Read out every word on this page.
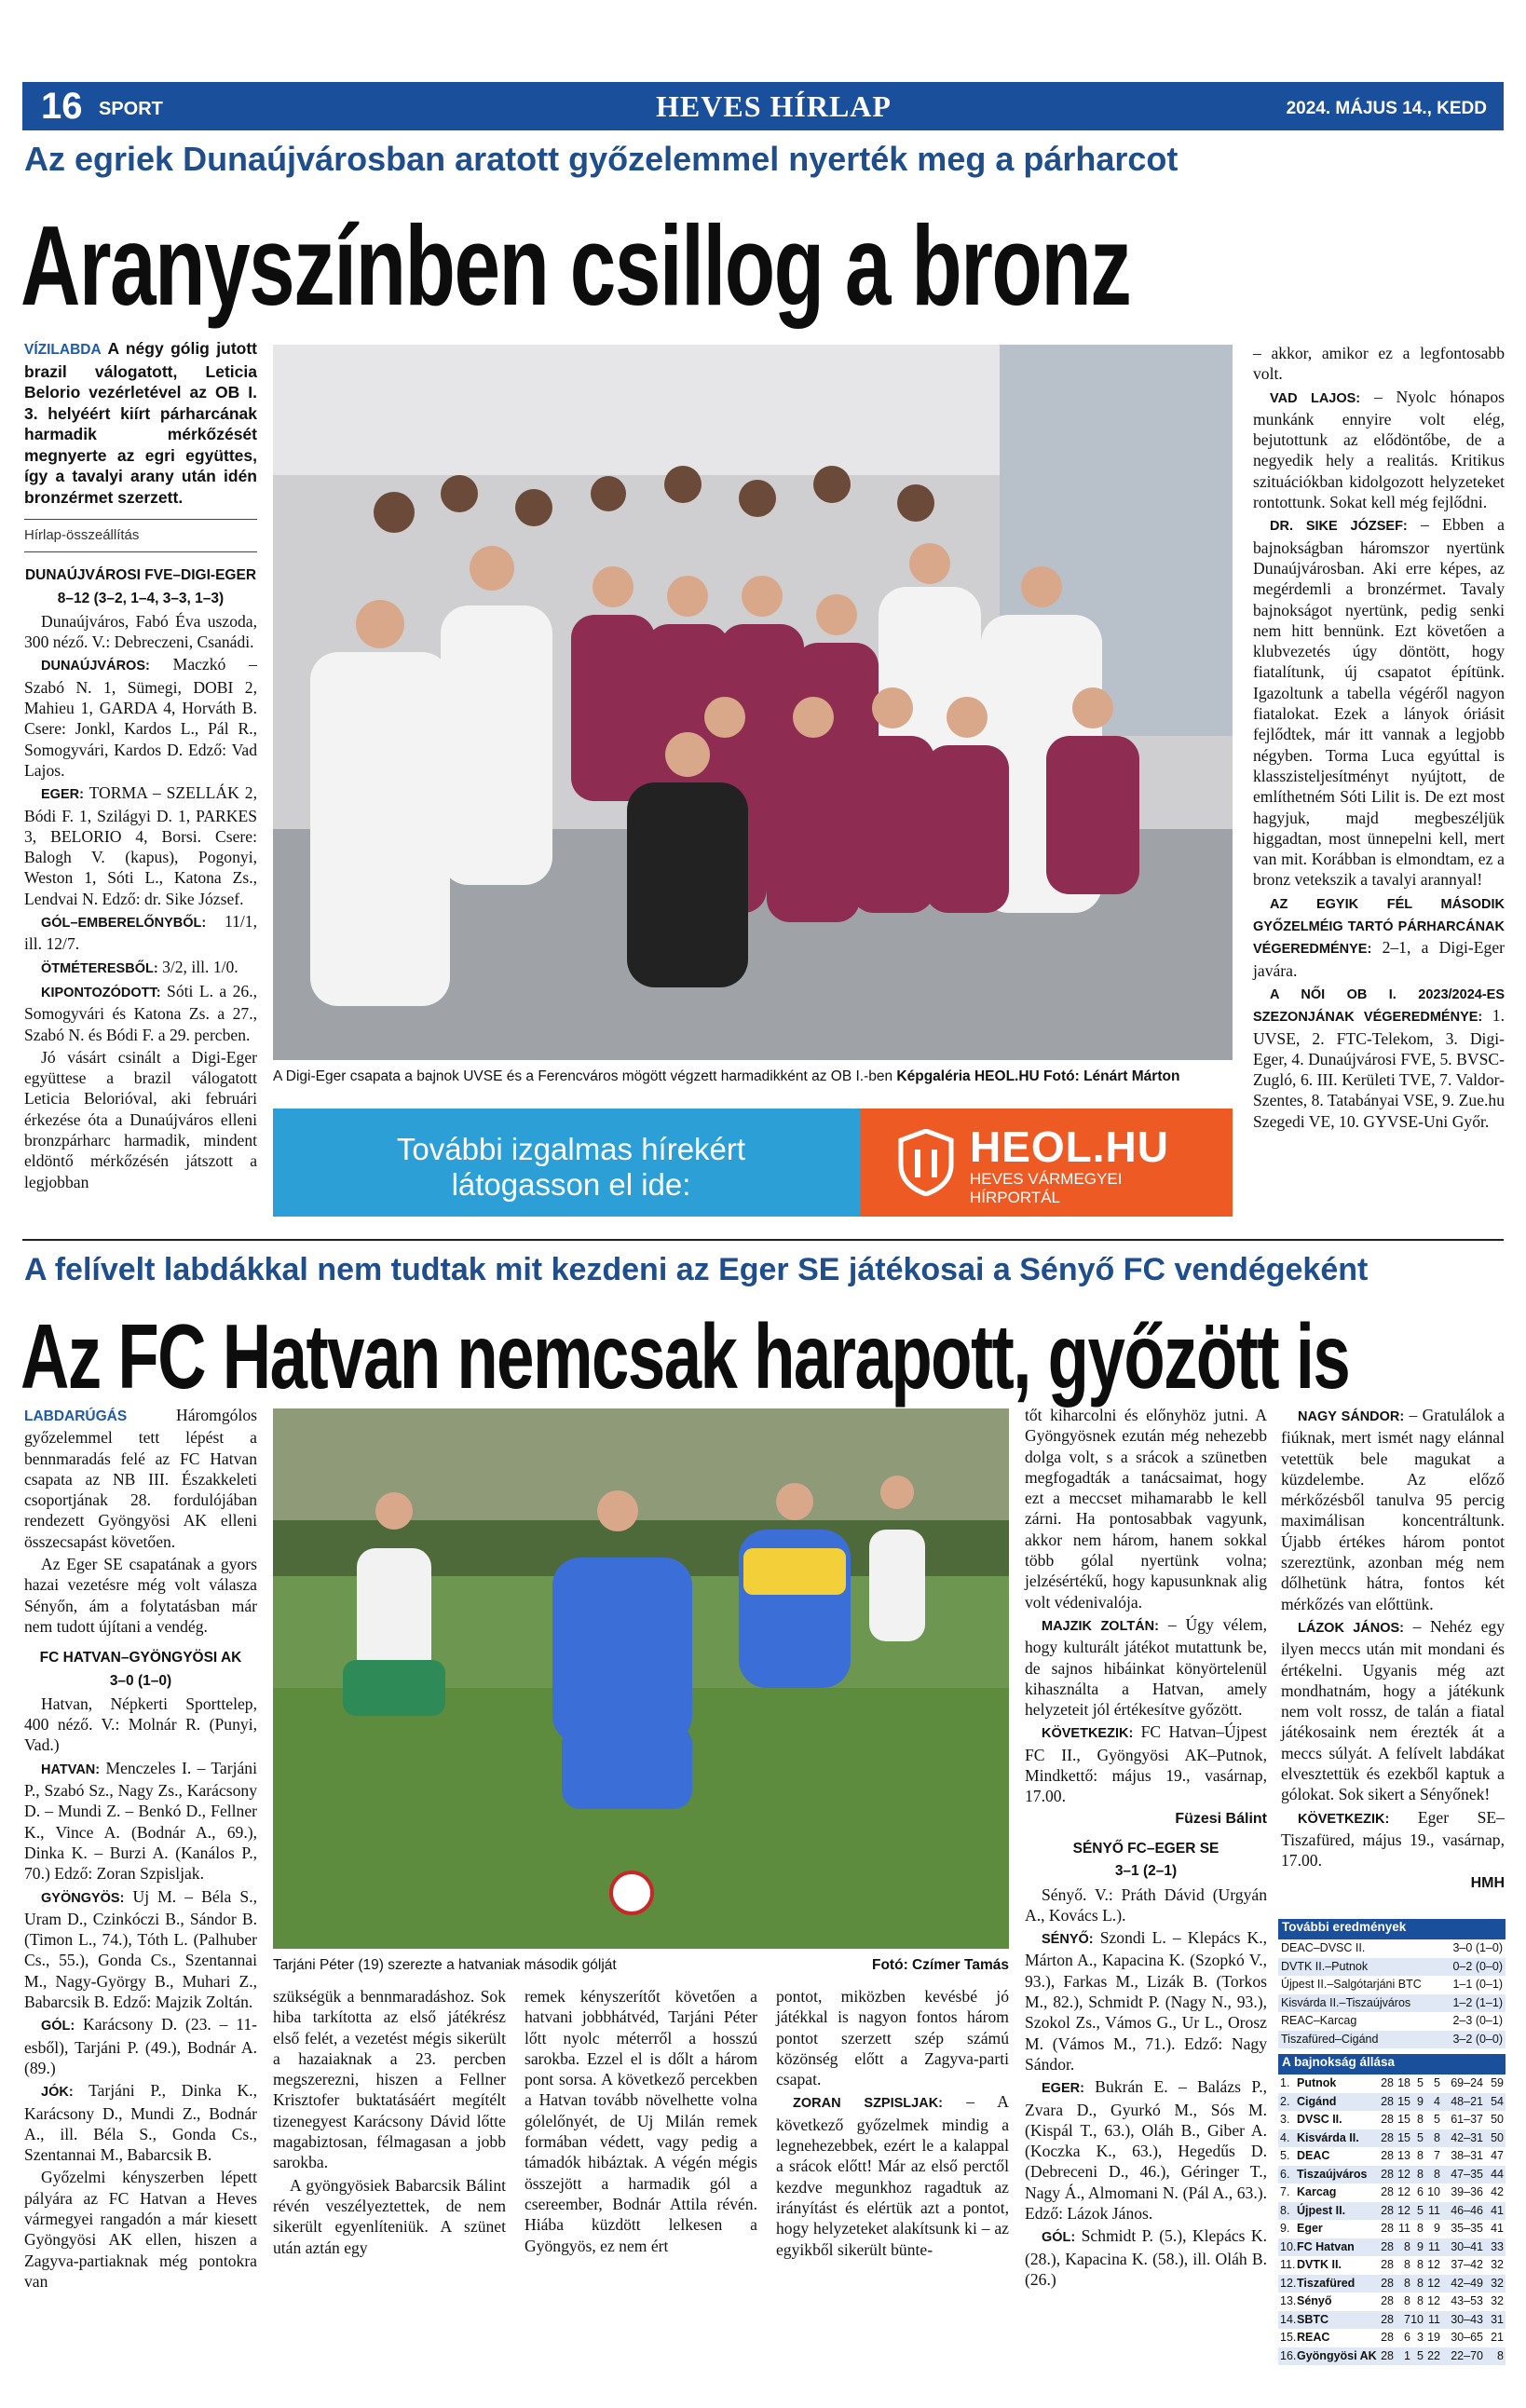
16 SPORT	HEVES HÍRLAP	2024. MÁJUS 14., KEDD
Az egriek Dunaújvárosban aratott győzelemmel nyerték meg a párharcot
Aranyszínben csillog a bronz

VÍZILABDA A négy gólig jutott brazil válogatott, Leticia Belorio vezérletével az OB I. 3. helyéért kiírt párharcának harmadik mérkőzését megnyerte az egri együttes, így a tavalyi arany után idén bronzérmet szerzett.

Hírlap-összeállítás

DUNAÚJVÁROSI FVE–DIGI-EGER

8–12 (3–2, 1–4, 3–3, 1–3)

Dunaújváros, Fabó Éva uszoda, 300 néző. V.: Debreczeni, Csanádi.

DUNAÚJVÁROS: Maczkó – Szabó N. 1, Sümegi, DOBI 2, Mahieu 1, GARDA 4, Horváth B. Csere: Jonkl, Kardos L., Pál R., Somogyvári, Kardos D. Edző: Vad Lajos.

EGER: TORMA – SZELLÁK 2, Bódi F. 1, Szilágyi D. 1, PARKES 3, BELORIO 4, Borsi. Csere: Balogh V. (kapus), Pogonyi, Weston 1, Sóti L., Katona Zs., Lendvai N. Edző: dr. Sike József.

GÓL–EMBERELŐNYBŐL: 11/1, ill. 12/7.

ÖTMÉTERESBŐL: 3/2, ill. 1/0.

KIPONTOZÓDOTT: Sóti L. a 26., Somogyvári és Katona Zs. a 27., Szabó N. és Bódi F. a 29. percben.

Jó vásárt csinált a Digi-Eger együttese a brazil válogatott Leticia Belorióval, aki februári érkezése óta a Dunaújváros elleni bronzpárharc harmadik, mindent eldöntő mérkőzésén játszott a legjobban

A Digi-Eger csapata a bajnok UVSE és a Ferencváros mögött végzett harmadikként az OB I.-ben Képgaléria HEOL.HU Fotó: Lénárt Márton
További izgalmas hírekért
látogasson el ide:
HEOL.HU
HEVES VÁRMEGYEI
HÍRPORTÁL

– akkor, amikor ez a legfontosabb volt.

VAD LAJOS: – Nyolc hónapos munkánk ennyire volt elég, bejutottunk az elődöntőbe, de a negyedik hely a realitás. Kritikus szituációkban kidolgozott helyzeteket rontottunk. Sokat kell még fejlődni.

DR. SIKE JÓZSEF: – Ebben a bajnokságban háromszor nyertünk Dunaújvárosban. Aki erre képes, az megérdemli a bronzérmet. Tavaly bajnokságot nyertünk, pedig senki nem hitt bennünk. Ezt követően a klubvezetés úgy döntött, hogy fiatalítunk, új csapatot építünk. Igazoltunk a tabella végéről nagyon fiatalokat. Ezek a lányok óriásit fejlődtek, már itt vannak a legjobb négyben. Torma Luca egyúttal is klasszisteljesítményt nyújtott, de említhetném Sóti Lilit is. De ezt most hagyjuk, majd megbeszéljük higgadtan, most ünnepelni kell, mert van mit. Korábban is elmondtam, ez a bronz vetekszik a tavalyi arannyal!

AZ EGYIK FÉL MÁSODIK GYŐZELMÉIG TARTÓ PÁRHARCÁNAK VÉGEREDMÉNYE: 2–1, a Digi-Eger javára.

A NŐI OB I. 2023/2024-ES SZEZONJÁNAK VÉGEREDMÉNYE: 1. UVSE, 2. FTC-Telekom, 3. Digi-Eger, 4. Dunaújvárosi FVE, 5. BVSC-Zugló, 6. III. Kerületi TVE, 7. Valdor-Szentes, 8. Tatabányai VSE, 9. Zue.hu Szegedi VE, 10. GYVSE-Uni Győr.

A felívelt labdákkal nem tudtak mit kezdeni az Eger SE játékosai a Sényő FC vendégeként
Az FC Hatvan nemcsak harapott, győzött is

LABDARÚGÁS	Háromgólos győzelemmel tett lépést a bennmaradás felé az FC Hatvan csapata az NB III. Északkeleti csoportjának 28. fordulójában rendezett Gyöngyösi AK elleni összecsapást követően.

Az Eger SE csapatának a gyors hazai vezetésre még volt válasza Sényőn, ám a folytatásban már nem tudott újítani a vendég.

FC HATVAN–GYÖNGYÖSI AK

3–0 (1–0)

Hatvan, Népkerti Sporttelep, 400 néző. V.: Molnár R. (Punyi, Vad.)

HATVAN: Menczeles I. – Tarjáni P., Szabó Sz., Nagy Zs., Karácsony D. – Mundi Z. – Benkó D., Fellner K., Vince A. (Bodnár A., 69.), Dinka K. – Burzi A. (Kanálos P., 70.) Edző: Zoran Szpisljak.

GYÖNGYÖS: Uj M. – Béla S., Uram D., Czinkóczi B., Sándor B. (Timon L., 74.), Tóth L. (Palhuber Cs., 55.), Gonda Cs., Szentannai M., Nagy-György B., Muhari Z., Babarcsik B. Edző: Majzik Zoltán.

GÓL: Karácsony D. (23. – 11-esből), Tarjáni P. (49.), Bodnár A. (89.)

JÓK: Tarjáni P., Dinka K., Karácsony D., Mundi Z., Bodnár A., ill. Béla S., Gonda Cs., Szentannai M., Babarcsik B.

Győzelmi kényszerben lépett pályára az FC Hatvan a Heves vármegyei rangadón a már kiesett Gyöngyösi AK ellen, hiszen a Zagyva-partiaknak még pontokra van

Tarjáni Péter (19) szerezte a hatvaniak második gólját	Fotó: Czímer Tamás

szükségük a bennmaradáshoz. Sok hiba tarkította az első játékrész első felét, a vezetést mégis sikerült a hazaiaknak a 23. percben megszerezni, hiszen a Fellner Krisztofer buktatásáért megítélt tizenegyest Karácsony Dávid lőtte magabiztosan, félmagasan a jobb sarokba.

A gyöngyösiek Babarcsik Bálint révén veszélyeztettek, de nem sikerült egyenlíteniük. A szünet után aztán egy

remek kényszerítőt követően a hatvani jobbhátvéd, Tarjáni Péter lőtt nyolc méterről a hosszú sarokba. Ezzel el is dőlt a három pont sorsa. A következő percekben a Hatvan tovább növelhette volna gólelőnyét, de Uj Milán remek formában védett, vagy pedig a támadók hibáztak. A végén mégis összejött a harmadik gól a csereember, Bodnár Attila révén. Hiába küzdött lelkesen a Gyöngyös, ez nem ért

pontot, miközben kevésbé jó játékkal is nagyon fontos három pontot szerzett szép számú közönség előtt a Zagyva-parti csapat.

ZORAN SZPISLJAK: – A következő győzelmek mindig a legnehezebbek, ezért le a kalappal a srácok előtt! Már az első perctől kezdve megunkhoz ragadtuk az irányítást és elértük azt a pontot, hogy helyzeteket alakítsunk ki – az egyikből sikerült büntе-

tőt kiharcolni és előnyhöz jutni. A Gyöngyösnek ezután még nehezebb dolga volt, s a srácok a szünetben megfogadták a tanácsaimat, hogy ezt a meccset mihamarabb le kell zárni. Ha pontosabbak vagyunk, akkor nem három, hanem sokkal több gólal nyertünk volna; jelzésértékű, hogy kapusunknak alig volt védenivalója.

MAJZIK ZOLTÁN: – Úgy vélem, hogy kulturált játékot mutattunk be, de sajnos hibáinkat könyörtelenül kihasználta a Hatvan, amely helyzeteit jól értékesítve győzött.

KÖVETKEZIK: FC Hatvan–Újpest FC II., Gyöngyösi AK–Putnok, Mindkettő: május 19., vasárnap, 17.00.

Füzesi Bálint

SÉNYŐ FC–EGER SE

3–1 (2–1)

Sényő. V.: Práth Dávid (Urgyán A., Kovács L.).

SÉNYŐ: Szondi L. – Klepács K., Márton A., Kapacina K. (Szopkó V., 93.), Farkas M., Lizák B. (Torkos M., 82.), Schmidt P. (Nagy N., 93.), Szokol Zs., Vámos G., Ur L., Orosz M. (Vámos M., 71.). Edző: Nagy Sándor.

EGER: Bukrán E. – Balázs P., Zvara D., Gyurkó M., Sós M. (Kispál T., 63.), Oláh B., Giber A. (Koczka K., 63.), Hegedűs D. (Debreceni D., 46.), Géringer T., Nagy Á., Almomani N. (Pál A., 63.). Edző: Lázok János.

GÓL: Schmidt P. (5.), Klepács K. (28.), Kapacina K. (58.), ill. Oláh B. (26.)

NAGY SÁNDOR: – Gratulálok a fiúknak, mert ismét nagy elánnal vetettük bele magukat a küzdelembe. Az előző mérkőzésből tanulva 95 percig maximálisan koncentráltunk. Újabb értékes három pontot szereztünk, azonban még nem dőlhetünk hátra, fontos két mérkőzés van előttünk.

LÁZOK JÁNOS: – Nehéz egy ilyen meccs után mit mondani és értékelni. Ugyanis még azt mondhatnám, hogy a játékunk nem volt rossz, de talán a fiatal játékosaink nem érezték át a meccs súlyát. A felívelt labdákat elvesztettük és ezekből kaptuk a gólokat. Sok sikert a Sényőnek!

KÖVETKEZIK: Eger SE–Tiszafüred, május 19., vasárnap, 17.00.

HMH

További eredmények
DEAC–DVSC II.	3–0 (1–0)
DVTK II.–Putnok	0–2 (0–0)
Újpest II.–Salgótarjáni BTC	1–1 (0–1)
Kisvárda II.–Tiszaújváros	1–2 (1–1)
REAC–Karcag	2–3 (0–1)
Tiszafüred–Cigánd	3–2 (0–0)
A bajnokság állása
1. Putnok	28 18 5 5 69–24 59
2. Cigánd	28 15 9 4 48–21 54
3. DVSC II.	28 15 8 5 61–37 50
4. Kisvárda II. 28 15 5 8 42–31 50
5. DEAC	28 13 8 7 38–31 47
6. Tiszaújváros 28 12 8 8 47–35 44
7. Karcag	28 12 6 10 39–36 42
8. Újpest II.	28 12 5 11 46–46 41
9. Eger	28 11 8 9 35–35 41
10. FC Hatvan 28 8 9 11 30–41 33
11. DVTK II.	28 8 8 12 37–42 32
12. Tiszafüred 28 8 8 12 42–49 32
13. Sényő	28 8 8 12 43–53 32
14. SBTC	28 7 10 11 30–43 31
15. REAC	28 6 3 19 30–65 21
16. Gyöngyösi AK 28 1 5 22 22–70 8
